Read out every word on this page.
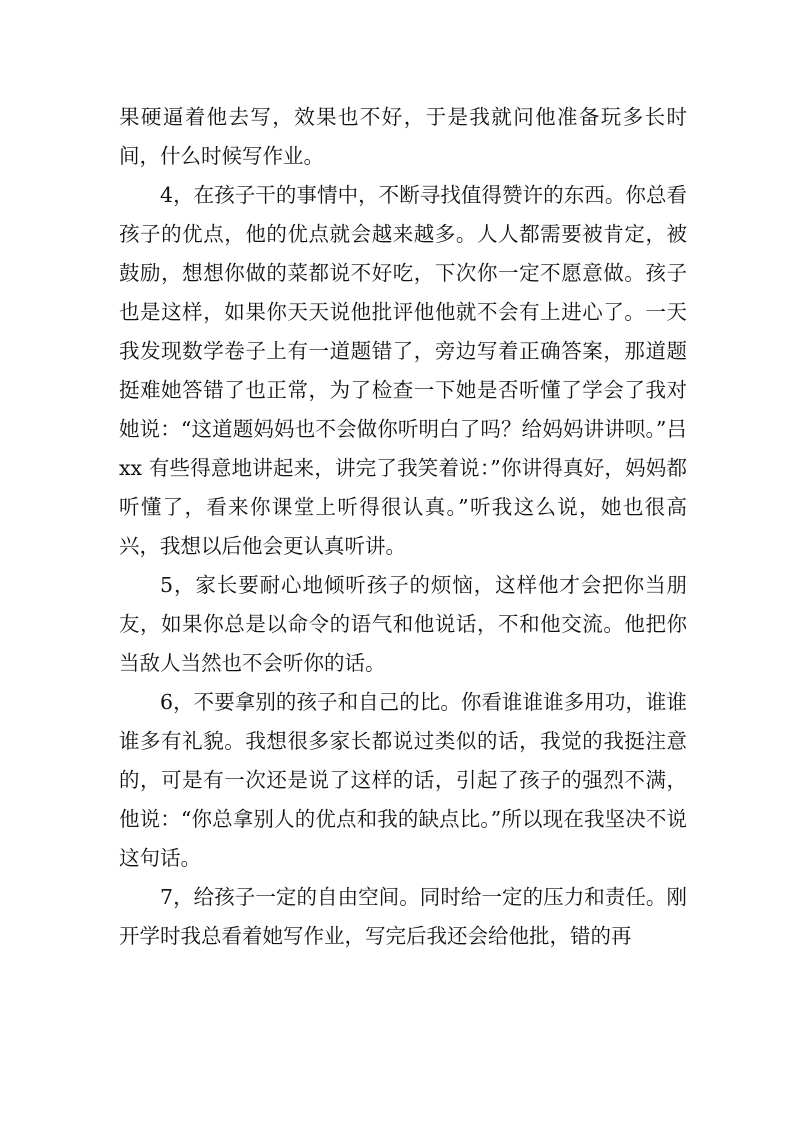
果硬逼着他去写，效果也不好，于是我就问他准备玩多长时间，什么时候写作业。

4，在孩子干的事情中，不断寻找值得赞许的东西。你总看孩子的优点，他的优点就会越来越多。人人都需要被肯定，被鼓励，想想你做的菜都说不好吃，下次你一定不愿意做。孩子也是这样，如果你天天说他批评他他就不会有上进心了。一天我发现数学卷子上有一道题错了，旁边写着正确答案，那道题挺难她答错了也正常，为了检查一下她是否听懂了学会了我对她说：“这道题妈妈也不会做你听明白了吗？给妈妈讲讲呗。”吕 xx 有些得意地讲起来，讲完了我笑着说：”你讲得真好，妈妈都听懂了，看来你课堂上听得很认真。”听我这么说，她也很高兴，我想以后他会更认真听讲。

5，家长要耐心地倾听孩子的烦恼，这样他才会把你当朋友，如果你总是以命令的语气和他说话，不和他交流。他把你当敌人当然也不会听你的话。

6，不要拿别的孩子和自己的比。你看谁谁谁多用功，谁谁谁多有礼貌。我想很多家长都说过类似的话，我觉的我挺注意的，可是有一次还是说了这样的话，引起了孩子的强烈不满，他说：“你总拿别人的优点和我的缺点比。”所以现在我坚决不说这句话。

7，给孩子一定的自由空间。同时给一定的压力和责任。刚开学时我总看着她写作业，写完后我还会给他批，错的再
